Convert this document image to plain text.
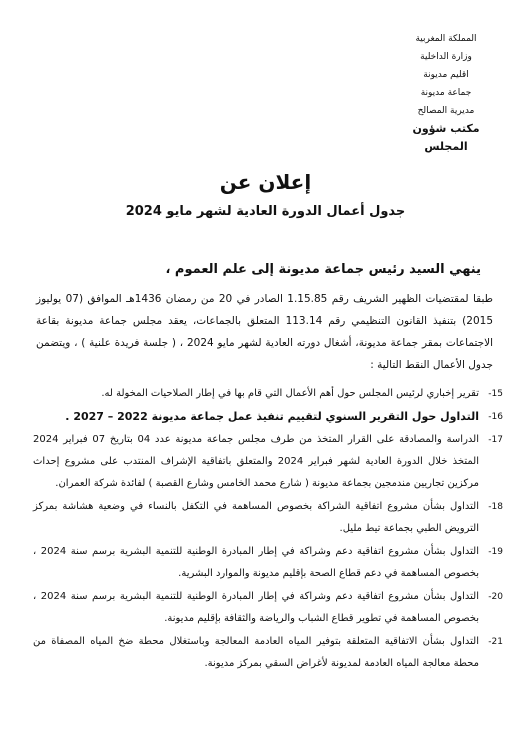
المملكة المغربية
وزارة الداخلية
اقليم مديونة
جماعة مديونة
مديرية المصالح
مكتب شؤون المجلس
إعلان عن
جدول أعمال الدورة العادية لشهر مايو 2024
ينهي السيد رئيس جماعة مديونة إلى علم العموم ،
طبقا لمقتضيات الظهير الشريف رقم 1.15.85 الصادر في 20 من رمضان 1436هـ الموافق (07 يوليوز 2015) بتنفيذ القانون التنظيمي رقم 113.14 المتعلق بالجماعات، يعقد مجلس جماعة مديونة بقاعة الاجتماعات بمقر جماعة مديونة، أشغال دورته العادية لشهر مايو 2024 ، ( جلسة فريدة علنية ) ، ويتضمن جدول الأعمال النقط التالية :
15-
تقرير إخباري لرئيس المجلس حول أهم الأعمال التي قام بها في إطار الصلاحيات المخولة له.
16-
التداول حول التقرير السنوي لتقييم تنفيذ عمل جماعة مديونة 2022 – 2027 .
17-
الدراسة والمصادقة على القرار المتخذ من طرف مجلس جماعة مديونة عدد 04 بتاريخ 07 فبراير 2024 المتخذ خلال الدورة العادية لشهر فبراير 2024 والمتعلق باتفاقية الإشراف المنتدب على مشروع إحداث مركزين تجاريين مندمجين بجماعة مديونة ( شارع محمد الخامس وشارع القصبة ) لفائدة شركة العمران.
18-
التداول بشأن مشروع اتفاقية الشراكة بخصوص المساهمة في التكفل بالنساء في وضعية هشاشة بمركز الترويض الطبي بجماعة تيط مليل.
19-
التداول بشأن مشروع اتفاقية دعم وشراكة في إطار المبادرة الوطنية للتنمية البشرية برسم سنة 2024 ، بخصوص المساهمة في دعم قطاع الصحة بإقليم مديونة والموارد البشرية.
20-
التداول بشأن مشروع اتفاقية دعم وشراكة في إطار المبادرة الوطنية للتنمية البشرية برسم سنة 2024 ، بخصوص المساهمة في تطوير قطاع الشباب والرياضة والثقافة بإقليم مديونة.
21-
التداول بشأن الاتفاقية المتعلقة بتوفير المياه العادمة المعالجة وباستغلال محطة ضخ المياه المصفاة من محطة معالجة المياه العادمة لمديونة لأغراض السقي بمركز مديونة.
